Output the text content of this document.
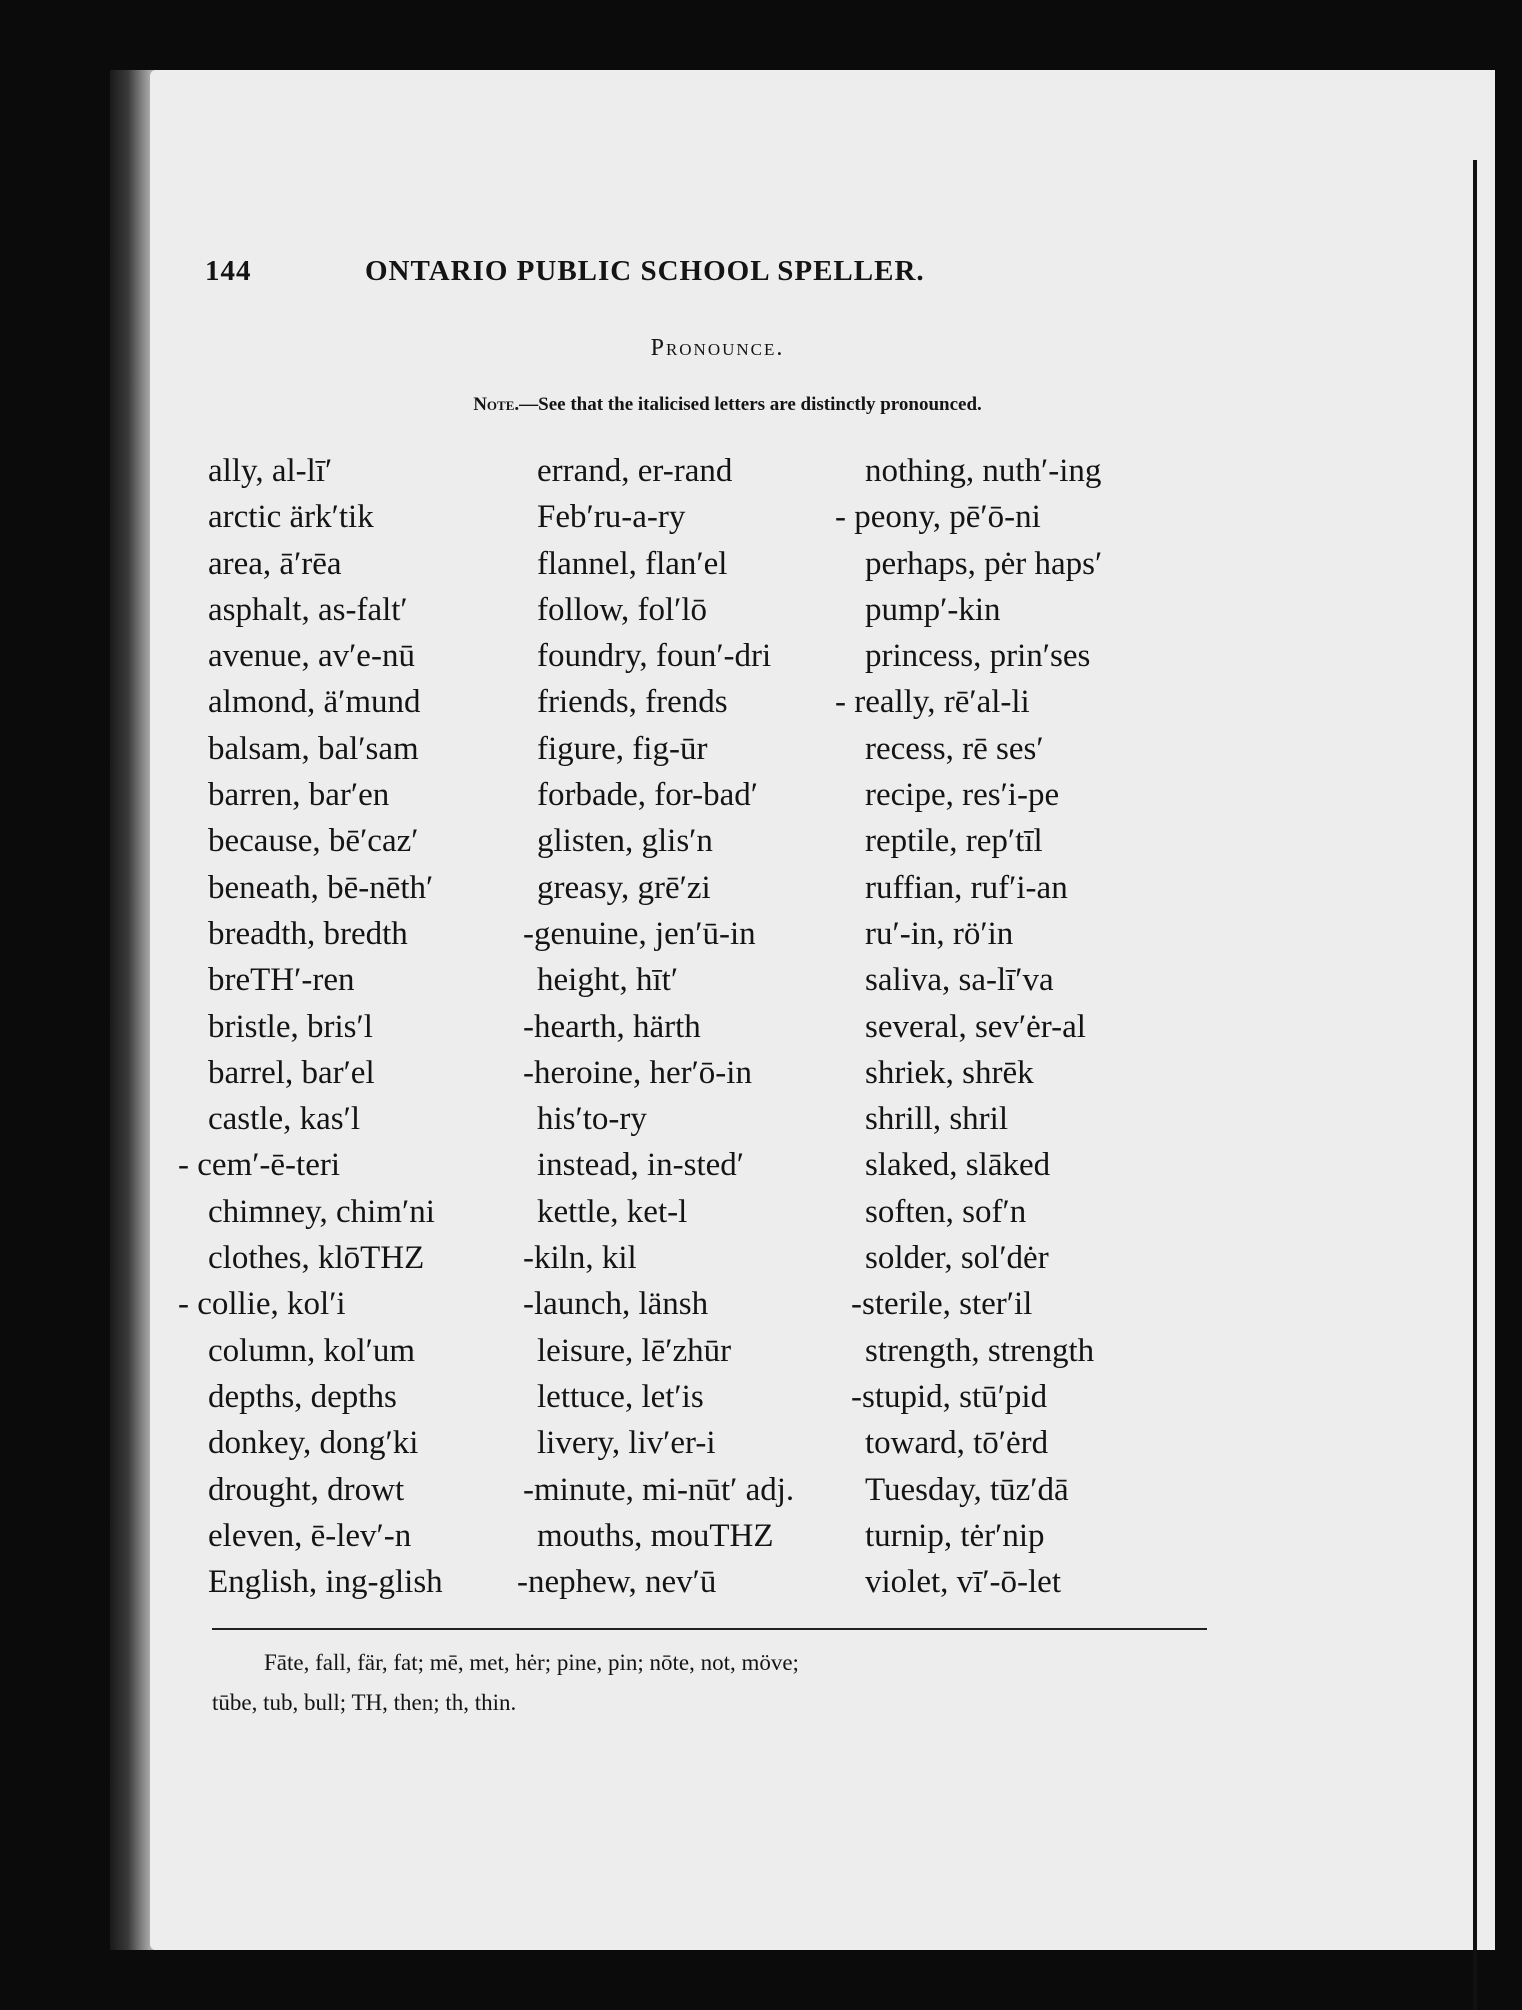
144	ONTARIO PUBLIC SCHOOL SPELLER.
Pronounce.
Note.—See that the italicised letters are distinctly pronounced.
ally, al-lī′
arctic ärk′tik
area, ā′rēa
asphalt, as-falt′
avenue, av′e-nū
almond, ä′mund
balsam, bal′sam
barren, bar′en
because, bē′caz′
beneath, bē-nēth′
breadth, bredth
breTH′-ren
bristle, bris′l
barrel, bar′el
castle, kas′l
- cem′-ē-teri
chimney, chim′ni
clothes, klōTHZ
- collie, kol′i
column, kol′um
depths, depths
donkey, dong′ki
drought, drowt
eleven, ē-lev′-n
English, ing-glish
errand, er-rand
Feb′ru-a-ry
flannel, flan′el
follow, fol′lō
foundry, foun′-dri
friends, frends
figure, fig-ūr
forbade, for-bad′
glisten, glis′n
greasy, grē′zi
-genuine, jen′ū-in
height, hīt′
-hearth, härth
-heroine, her′ō-in
his′to-ry
instead, in-sted′
kettle, ket-l
-kiln, kil
-launch, länsh
leisure, lē′zhūr
lettuce, let′is
livery, liv′er-i
-minute, mi-nūt′ adj.
mouths, mouTHZ
-nephew, nev′ū
nothing, nuth′-ing
- peony, pē′ō-ni
perhaps, pėr haps′
pump′-kin
princess, prin′ses
- really, rē′al-li
recess, rē ses′
recipe, res′i-pe
reptile, rep′tīl
ruffian, ruf′i-an
ru′-in, rö′in
saliva, sa-lī′va
several, sev′ėr-al
shriek, shrēk
shrill, shril
slaked, slāked
soften, sof′n
solder, sol′dėr
-sterile, ster′il
strength, strength
-stupid, stū′pid
toward, tō′ėrd
Tuesday, tūz′dā
turnip, tėr′nip
violet, vī′-ō-let
Fāte, fall, fär, fat; mē, met, hėr; pine, pin; nōte, not, möve;
tūbe, tub, bull; TH, then; th, thin.
